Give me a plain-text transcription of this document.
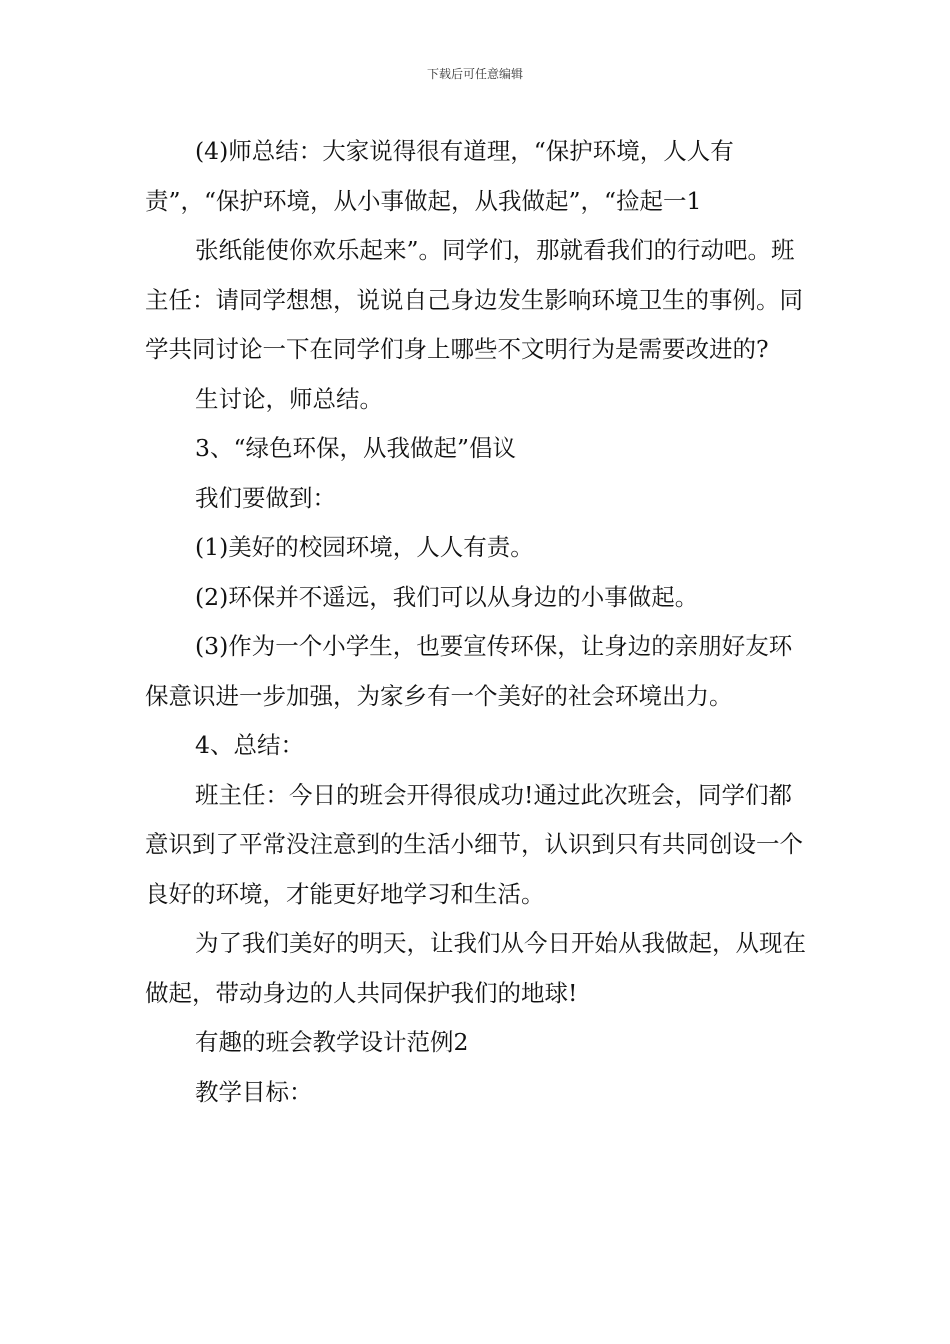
下载后可任意编辑

(4)师总结：大家说得很有道理，“保护环境，人人有责”，“保护环境，从小事做起，从我做起”，“捡起一1

张纸能使你欢乐起来”。同学们，那就看我们的行动吧。班主任：请同学想想，说说自己身边发生影响环境卫生的事例。同学共同讨论一下在同学们身上哪些不文明行为是需要改进的?

生讨论，师总结。

3、“绿色环保，从我做起”倡议

我们要做到：

(1)美好的校园环境，人人有责。

(2)环保并不遥远，我们可以从身边的小事做起。

(3)作为一个小学生，也要宣传环保，让身边的亲朋好友环保意识进一步加强，为家乡有一个美好的社会环境出力。

4、总结：

班主任：今日的班会开得很成功!通过此次班会，同学们都意识到了平常没注意到的生活小细节，认识到只有共同创设一个良好的环境，才能更好地学习和生活。

为了我们美好的明天，让我们从今日开始从我做起，从现在做起，带动身边的人共同保护我们的地球!

有趣的班会教学设计范例2

教学目标：
